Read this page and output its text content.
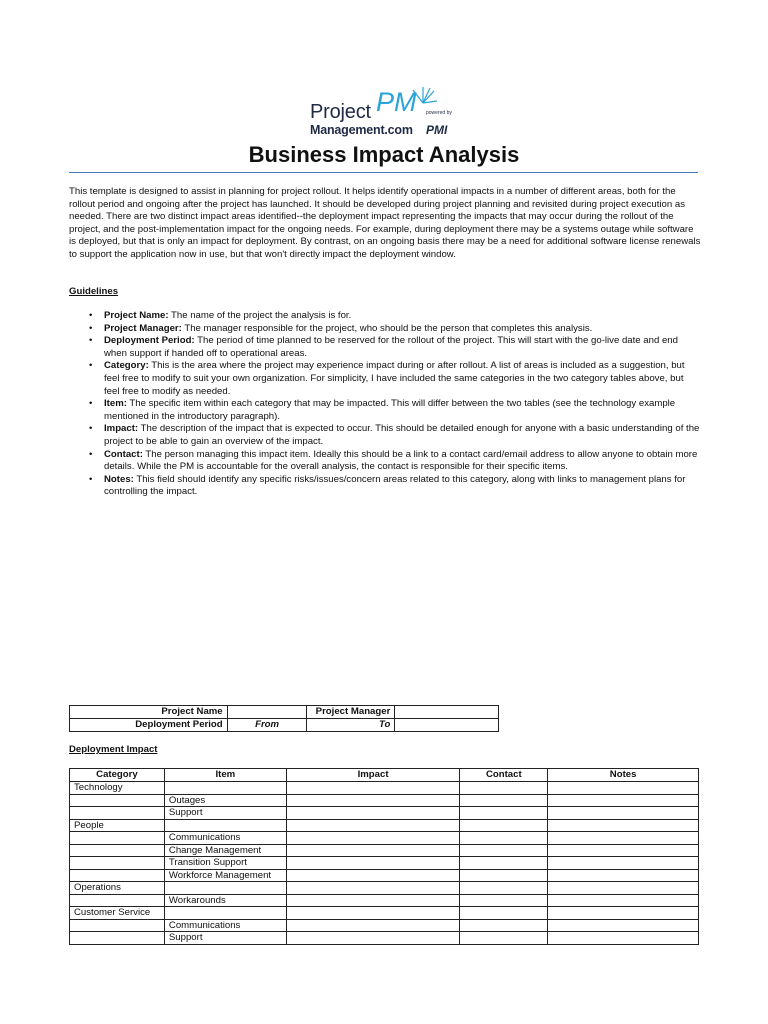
Project PM
Management.com
powered by
PMI
Business Impact Analysis

This template is designed to assist in planning for project rollout. It helps identify operational impacts in a number of different areas, both for the rollout period and ongoing after the project has launched. It should be developed during project planning and revisited during project execution as needed. There are two distinct impact areas identified--the deployment impact representing the impacts that may occur during the rollout of the project, and the post-implementation impact for the ongoing needs. For example, during deployment there may be a systems outage while software is deployed, but that is only an impact for deployment. By contrast, on an ongoing basis there may be a need for additional software license renewals to support the application now in use, but that won't directly impact the deployment window.

Guidelines

• Project Name: The name of the project the analysis is for.
• Project Manager: The manager responsible for the project, who should be the person that completes this analysis.
• Deployment Period: The period of time planned to be reserved for the rollout of the project. This will start with the go-live date and end when support if handed off to operational areas.
• Category: This is the area where the project may experience impact during or after rollout. A list of areas is included as a suggestion, but feel free to modify to suit your own organization. For simplicity, I have included the same categories in the two category tables above, but feel free to modify as needed.
• Item: The specific item within each category that may be impacted. This will differ between the two tables (see the technology example mentioned in the introductory paragraph).
• Impact: The description of the impact that is expected to occur. This should be detailed enough for anyone with a basic understanding of the project to be able to gain an overview of the impact.
• Contact: The person managing this impact item. Ideally this should be a link to a contact card/email address to allow anyone to obtain more details. While the PM is accountable for the overall analysis, the contact is responsible for their specific items.
• Notes: This field should identify any specific risks/issues/concern areas related to this category, along with links to management plans for controlling the impact.
Project Name		Project Manager	
Deployment Period	From	To	

Deployment Impact

Category	Item	Impact	Contact	Notes
Technology				
	Outages			
	Support			
People				
	Communications			
	Change Management			
	Transition Support			
	Workforce Management			
Operations				
	Workarounds			
Customer Service				
	Communications			
	Support			
